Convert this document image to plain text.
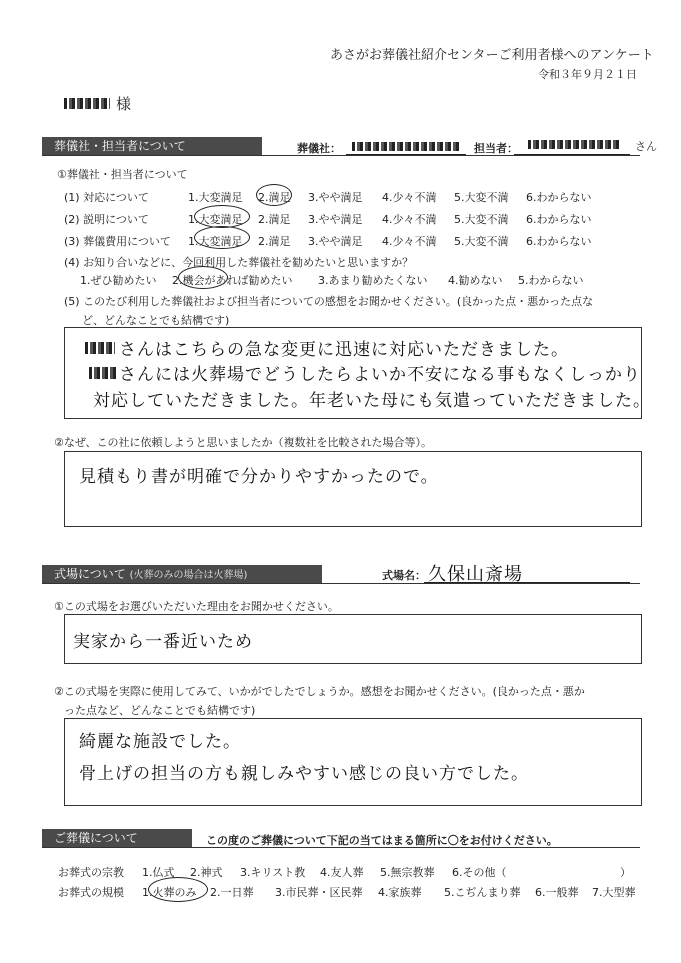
あさがお葬儀社紹介センターご利用者様へのアンケート
令和３年９月２１日
様
葬儀社・担当者について	葬儀社：	担当者：	さん
①葬儀社・担当者について
(1) 対応について	1.大変満足 2.満足 3.やや満足 4.少々不満 5.大変不満 6.わからない
(2) 説明について	1.大変満足 2.満足 3.やや満足 4.少々不満 5.大変不満 6.わからない
(3) 葬儀費用について 1.大変満足 2.満足 3.やや満足 4.少々不満 5.大変不満 6.わからない
(4) お知り合いなどに、今回利用した葬儀社を勧めたいと思いますか？
1.ぜひ勧めたい 2.機会があれば勧めたい 3.あまり勧めたくない 4.勧めない 5.わからない
(5) このたび利用した葬儀社および担当者についての感想をお聞かせください。(良かった点・悪かった点な
ど、どんなことでも結構です)
さんはこちらの急な変更に迅速に対応いただきました。
さんには火葬場でどうしたらよいか不安になる事もなくしっかり
対応していただきました。年老いた母にも気遣っていただきました。
②なぜ、この社に依頼しようと思いましたか（複数社を比較された場合等）。
見積もり書が明確で分かりやすかったので。
式場について (火葬のみの場合は火葬場)	式場名： 久保山斎場
①この式場をお選びいただいた理由をお聞かせください。
実家から一番近いため
②この式場を実際に使用してみて、いかがでしたでしょうか。感想をお聞かせください。(良かった点・悪か
った点など、どんなことでも結構です)
綺麗な施設でした。
骨上げの担当の方も親しみやすい感じの良い方でした。
ご葬儀について	この度のご葬儀について下記の当てはまる箇所に〇をお付けください。
お葬式の宗教 1.仏式 2.神式 3.キリスト教 4.友人葬 5.無宗教葬 6.その他（	）
お葬式の規模 1.火葬のみ 2.一日葬 3.市民葬・区民葬 4.家族葬 5.こぢんまり葬 6.一般葬 7.大型葬
